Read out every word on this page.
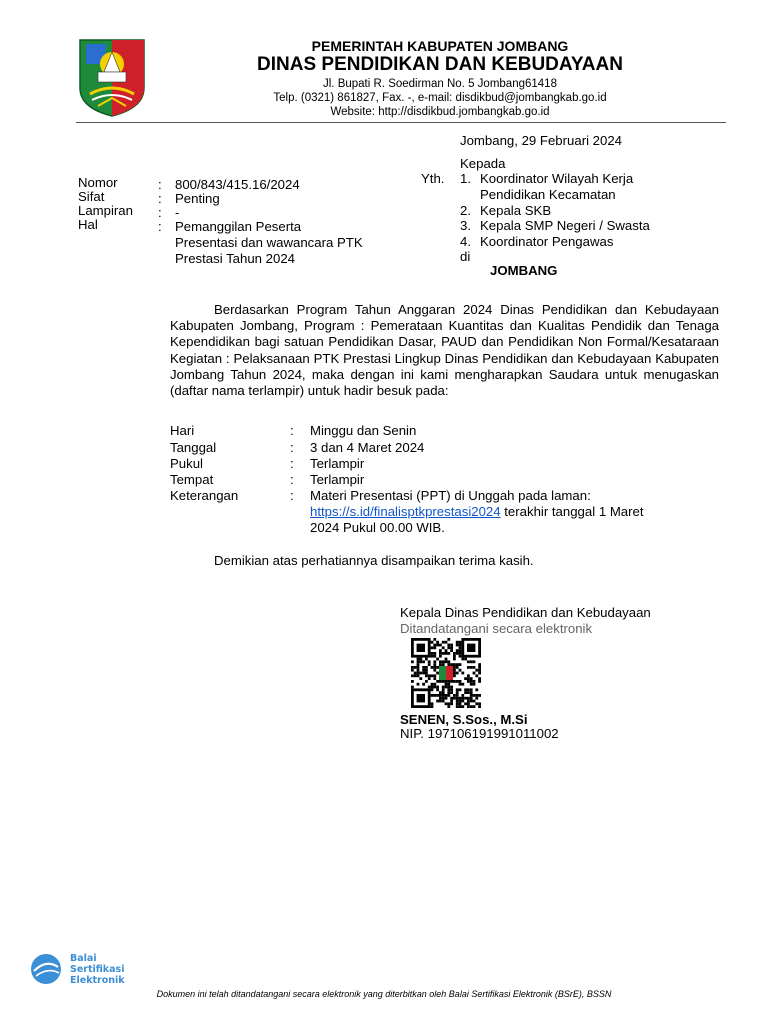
PEMERINTAH KABUPATEN JOMBANG
DINAS PENDIDIKAN DAN KEBUDAYAAN
Jl. Bupati R. Soedirman No. 5 Jombang61418
Telp. (0321) 861827, Fax. -, e-mail: disdikbud@jombangkab.go.id
Website: http://disdikbud.jombangkab.go.id
Jombang, 29 Februari 2024
Kepada
Yth. 1. Koordinator Wilayah Kerja
Pendidikan Kecamatan
2. Kepala SKB
3. Kepala SMP Negeri / Swasta
4. Koordinator Pengawas
di
JOMBANG
Nomor	: 800/843/415.16/2024
Sifat	: Penting
Lampiran : -
Hal	: Pemanggilan Peserta
Presentasi dan wawancara PTK
Prestasi Tahun 2024
Berdasarkan Program Tahun Anggaran 2024 Dinas Pendidikan dan Kebudayaan Kabupaten Jombang, Program : Pemerataan Kuantitas dan Kualitas Pendidik dan Tenaga Kependidikan bagi satuan Pendidikan Dasar, PAUD dan Pendidikan Non Formal/Kesataraan Kegiatan : Pelaksanaan PTK Prestasi Lingkup Dinas Pendidikan dan Kebudayaan Kabupaten Jombang Tahun 2024, maka dengan ini kami mengharapkan Saudara untuk menugaskan (daftar nama terlampir) untuk hadir besuk pada:
Hari	: Minggu dan Senin
Tanggal	: 3 dan 4 Maret 2024
Pukul	: Terlampir
Tempat	: Terlampir
Keterangan	: Materi Presentasi (PPT) di Unggah pada laman:
https://s.id/finalisptkprestasi2024 terakhir tanggal 1 Maret
2024 Pukul 00.00 WIB.
Demikian atas perhatiannya disampaikan terima kasih.
Kepala Dinas Pendidikan dan Kebudayaan
Ditandatangani secara elektronik
SENEN, S.Sos., M.Si
NIP. 197106191991011002
Balai
Sertifikasi
Elektronik
Dokumen ini telah ditandatangani secara elektronik yang diterbitkan oleh Balai Sertifikasi Elektronik (BSrE), BSSN
